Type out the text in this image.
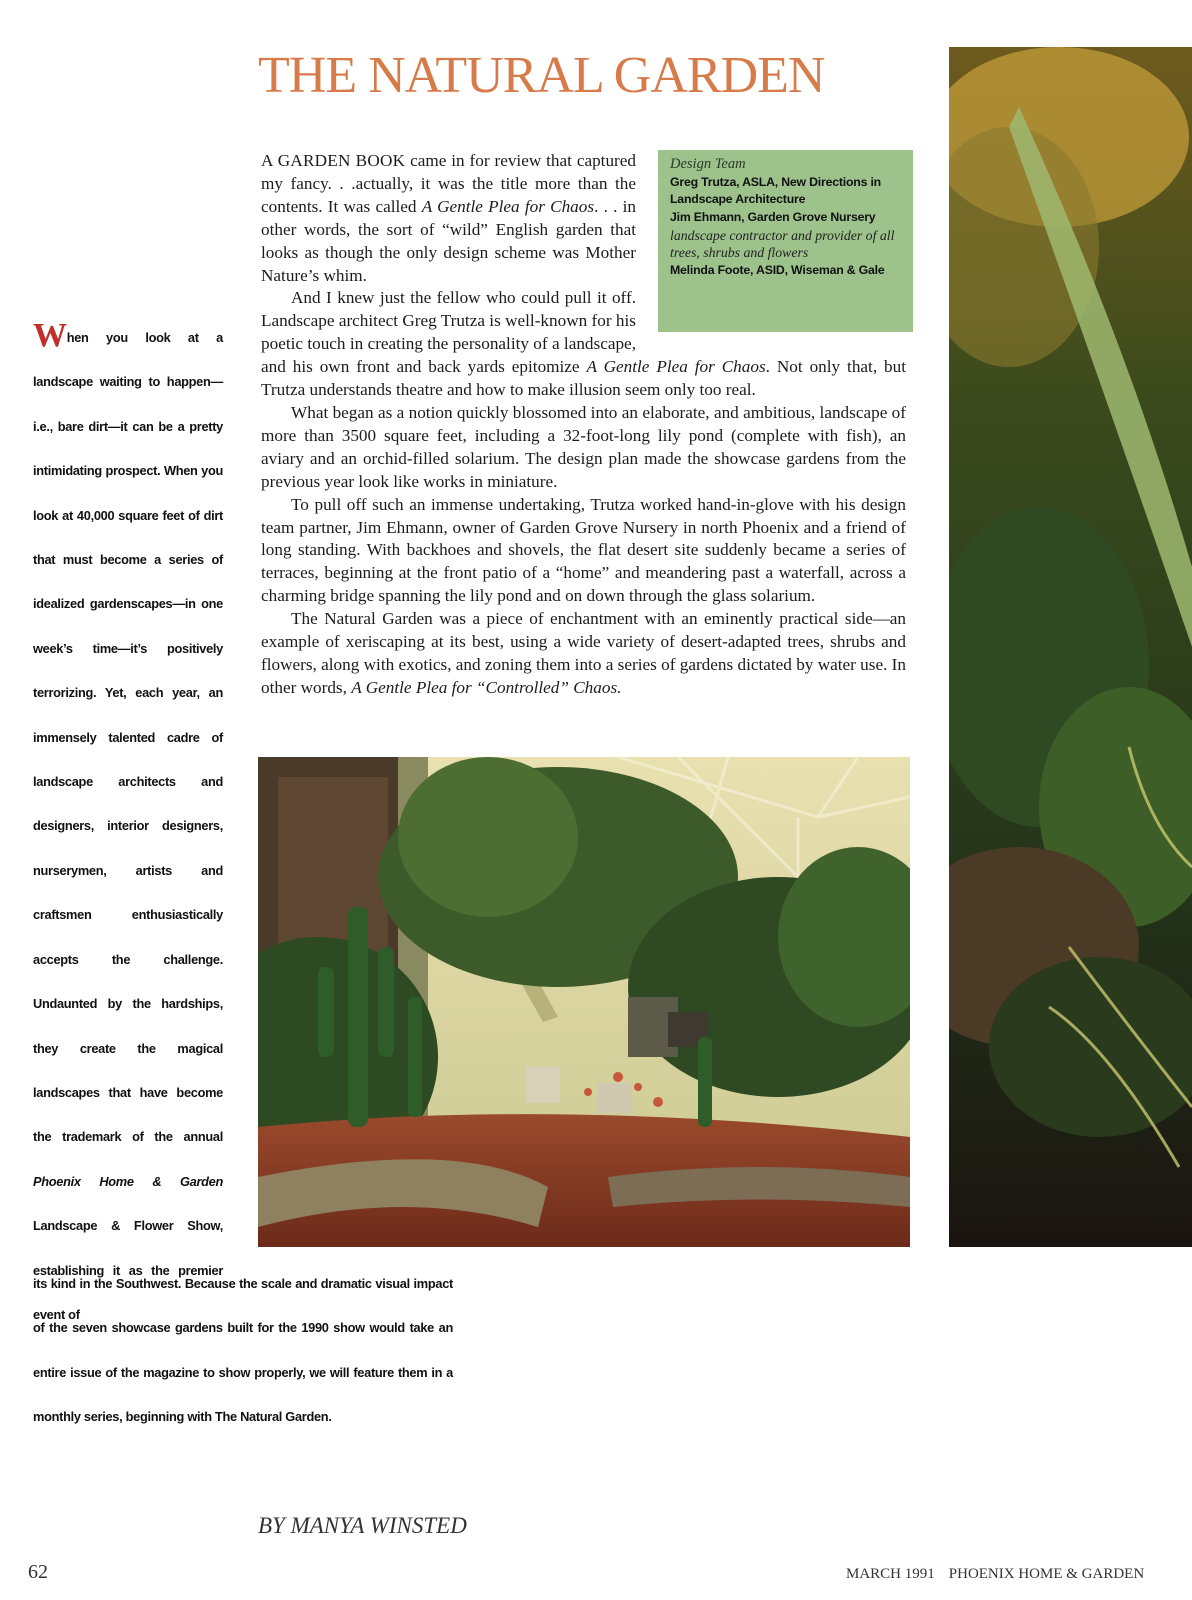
THE NATURAL GARDEN
Design Team
Greg Trutza, ASLA, New Directions in Landscape Architecture
Jim Ehmann, Garden Grove Nursery
landscape contractor and provider of all trees, shrubs and flowers
Melinda Foote, ASID, Wiseman & Gale

A GARDEN BOOK came in for review that captured my fancy. . .actually, it was the title more than the contents. It was called A Gentle Plea for Chaos. . . in other words, the sort of “wild” English garden that looks as though the only design scheme was Mother Nature’s whim.

And I knew just the fellow who could pull it off. Landscape architect Greg Trutza is well-known for his poetic touch in creating the personality of a landscape, and his own front and back yards epitomize A Gentle Plea for Chaos. Not only that, but Trutza understands theatre and how to make illusion seem only too real.

What began as a notion quickly blossomed into an elaborate, and ambitious, landscape of more than 3500 square feet, including a 32-foot-long lily pond (complete with fish), an aviary and an orchid-filled solarium. The design plan made the showcase gardens from the previous year look like works in miniature.

To pull off such an immense undertaking, Trutza worked hand-in-glove with his design team partner, Jim Ehmann, owner of Garden Grove Nursery in north Phoenix and a friend of long standing. With backhoes and shovels, the flat desert site suddenly became a series of terraces, beginning at the front patio of a “home” and meandering past a waterfall, across a charming bridge spanning the lily pond and on down through the glass solarium.

The Natural Garden was a piece of enchantment with an eminently practical side—an example of xeriscaping at its best, using a wide variety of desert-adapted trees, shrubs and flowers, along with exotics, and zoning them into a series of gardens dictated by water use. In other words, A Gentle Plea for “Controlled” Chaos.

When you look at a landscape waiting to happen—i.e., bare dirt—it can be a pretty intimidating prospect. When you look at 40,000 square feet of dirt that must become a series of idealized gardenscapes—in one week’s time—it’s positively terrorizing. Yet, each year, an immensely talented cadre of landscape architects and designers, interior designers, nurserymen, artists and craftsmen enthusiastically accepts the challenge. Undaunted by the hardships, they create the magical landscapes that have become the trademark of the annual Phoenix Home & Garden Landscape & Flower Show, establishing it as the premier event of
its kind in the Southwest. Because the scale and dramatic visual impact of the seven showcase gardens built for the 1990 show would take an entire issue of the magazine to show properly, we will feature them in a monthly series, beginning with The Natural Garden.
BY MANYA WINSTED
62	MARCH 1991 PHOENIX HOME & GARDEN
